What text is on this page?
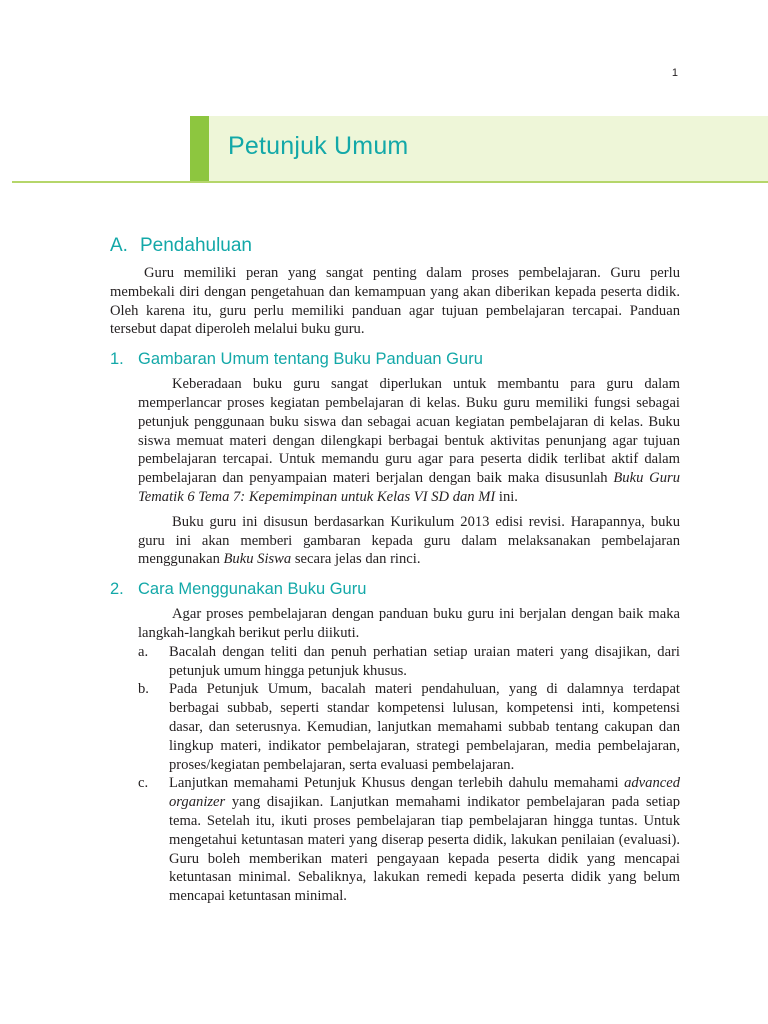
1
Petunjuk Umum
A. Pendahuluan

Guru memiliki peran yang sangat penting dalam proses pembelajaran. Guru perlu membekali diri dengan pengetahuan dan kemampuan yang akan diberikan kepada peserta didik. Oleh karena itu, guru perlu memiliki panduan agar tujuan pembelajaran tercapai. Panduan tersebut dapat diperoleh melalui buku guru.

1. Gambaran Umum tentang Buku Panduan Guru

Keberadaan buku guru sangat diperlukan untuk membantu para guru dalam memperlancar proses kegiatan pembelajaran di kelas. Buku guru memiliki fungsi sebagai petunjuk penggunaan buku siswa dan sebagai acuan kegiatan pembelajaran di kelas. Buku siswa memuat materi dengan dilengkapi berbagai bentuk aktivitas penunjang agar tujuan pembelajaran tercapai. Untuk memandu guru agar para peserta didik terlibat aktif dalam pembelajaran dan penyampaian materi berjalan dengan baik maka disusunlah Buku Guru Tematik 6 Tema 7: Kepemimpinan untuk Kelas VI SD dan MI ini.

Buku guru ini disusun berdasarkan Kurikulum 2013 edisi revisi. Harapannya, buku guru ini akan memberi gambaran kepada guru dalam melaksanakan pembelajaran menggunakan Buku Siswa secara jelas dan rinci.

2. Cara Menggunakan Buku Guru

Agar proses pembelajaran dengan panduan buku guru ini berjalan dengan baik maka langkah-langkah berikut perlu diikuti.

a.	Bacalah dengan teliti dan penuh perhatian setiap uraian materi yang disajikan, dari petunjuk umum hingga petunjuk khusus.
b.	Pada Petunjuk Umum, bacalah materi pendahuluan, yang di dalamnya terdapat berbagai subbab, seperti standar kompetensi lulusan, kompetensi inti, kompetensi dasar, dan seterusnya. Kemudian, lanjutkan memahami subbab tentang cakupan dan lingkup materi, indikator pembelajaran, strategi pembelajaran, media pembelajaran, proses/kegiatan pembelajaran, serta evaluasi pembelajaran.
c.	Lanjutkan memahami Petunjuk Khusus dengan terlebih dahulu memahami advanced organizer yang disajikan. Lanjutkan memahami indikator pembelajaran pada setiap tema. Setelah itu, ikuti proses pembelajaran tiap pembelajaran hingga tuntas. Untuk mengetahui ketuntasan materi yang diserap peserta didik, lakukan penilaian (evaluasi). Guru boleh memberikan materi pengayaan kepada peserta didik yang mencapai ketuntasan minimal. Sebaliknya, lakukan remedi kepada peserta didik yang belum mencapai ketuntasan minimal.
